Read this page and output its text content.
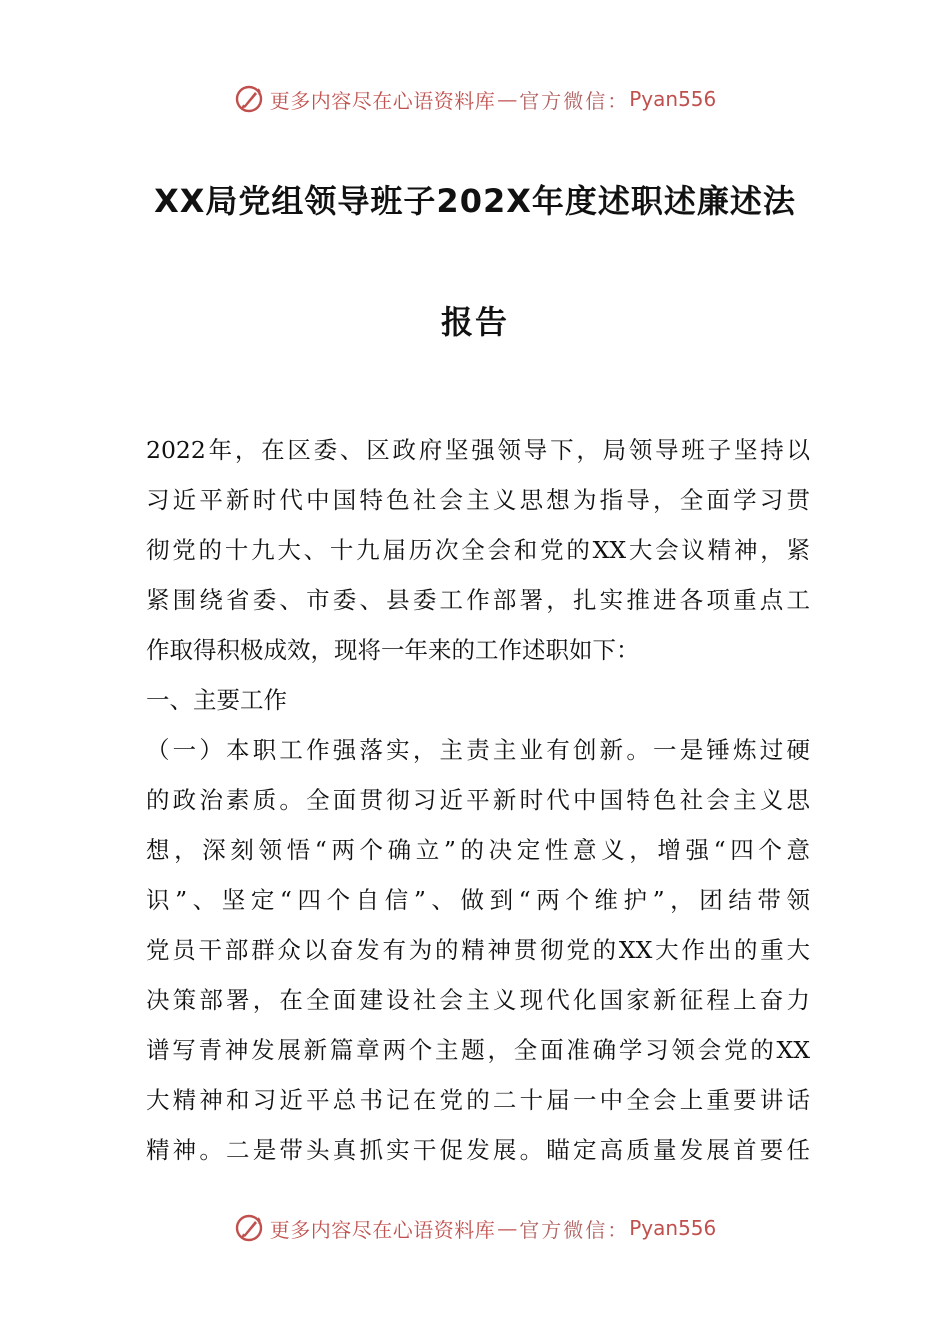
更多内容尽在心语资料库 — 官方微信： Pyan556
XX局党组领导班子202X年度述职述廉述法
报告
2022年，在区委、区政府坚强领导下，局领导班子坚持以
习近平新时代中国特色社会主义思想为指导，全面学习贯
彻党的十九大、十九届历次全会和党的XX大会议精神，紧
紧围绕省委、市委、县委工作部署，扎实推进各项重点工
作取得积极成效，现将一年来的工作述职如下：
一、主要工作
（一）本职工作强落实，主责主业有创新。一是锤炼过硬
的政治素质。全面贯彻习近平新时代中国特色社会主义思
想，深刻领悟“两个确立”的决定性意义，增强“四个意
识”、坚定“四个自信”、做到“两个维护”，团结带领
党员干部群众以奋发有为的精神贯彻党的XX大作出的重大
决策部署，在全面建设社会主义现代化国家新征程上奋力
谱写青神发展新篇章两个主题，全面准确学习领会党的XX
大精神和习近平总书记在党的二十届一中全会上重要讲话
精神。二是带头真抓实干促发展。瞄定高质量发展首要任
更多内容尽在心语资料库 — 官方微信： Pyan556
